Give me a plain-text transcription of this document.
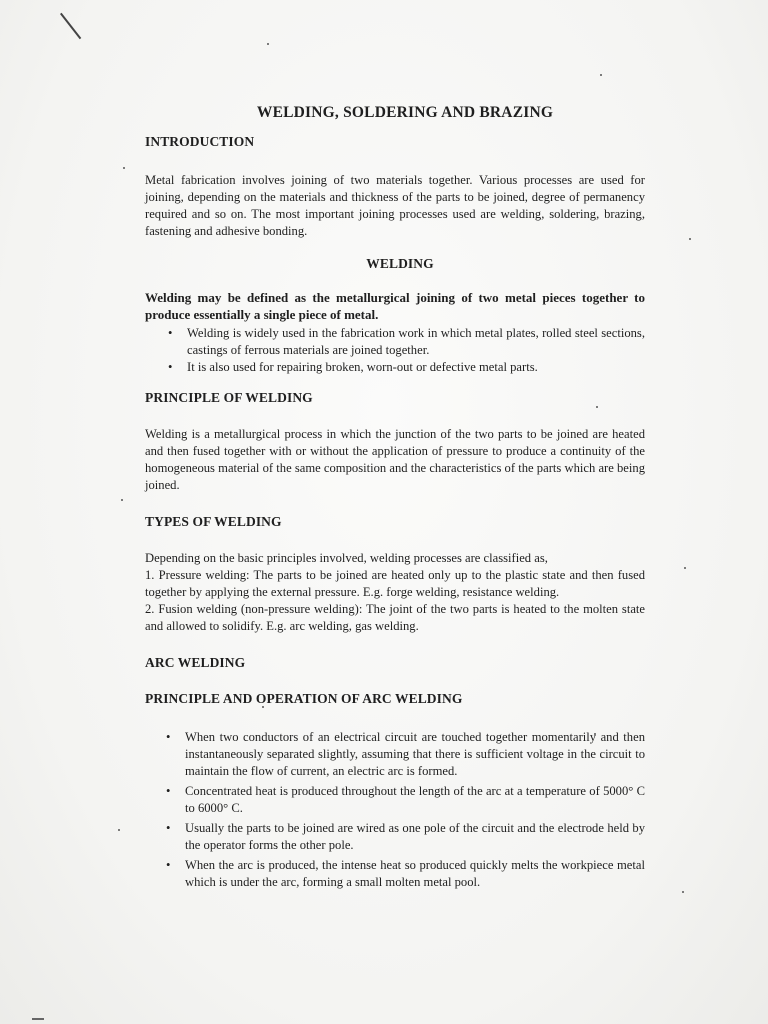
WELDING, SOLDERING AND BRAZING
INTRODUCTION

Metal fabrication involves joining of two materials together. Various processes are used for joining, depending on the materials and thickness of the parts to be joined, degree of permanency required and so on. The most important joining processes used are welding, soldering, brazing, fastening and adhesive bonding.

WELDING

Welding may be defined as the metallurgical joining of two metal pieces together to produce essentially a single piece of metal.

• Welding is widely used in the fabrication work in which metal plates, rolled steel sections, castings of ferrous materials are joined together.
• It is also used for repairing broken, worn-out or defective metal parts.
PRINCIPLE OF WELDING

Welding is a metallurgical process in which the junction of the two parts to be joined are heated and then fused together with or without the application of pressure to produce a continuity of the homogeneous material of the same composition and the characteristics of the parts which are being joined.

TYPES OF WELDING

Depending on the basic principles involved, welding processes are classified as,

1. Pressure welding: The parts to be joined are heated only up to the plastic state and then fused together by applying the external pressure. E.g. forge welding, resistance welding.

2. Fusion welding (non-pressure welding): The joint of the two parts is heated to the molten state and allowed to solidify. E.g. arc welding, gas welding.

ARC WELDING
PRINCIPLE AND OPERATION OF ARC WELDING
• When two conductors of an electrical circuit are touched together momentarily and then instantaneously separated slightly, assuming that there is sufficient voltage in the circuit to maintain the flow of current, an electric arc is formed.
• Concentrated heat is produced throughout the length of the arc at a temperature of 5000° C to 6000° C.
• Usually the parts to be joined are wired as one pole of the circuit and the electrode held by the operator forms the other pole.
• When the arc is produced, the intense heat so produced quickly melts the workpiece metal which is under the arc, forming a small molten metal pool.
